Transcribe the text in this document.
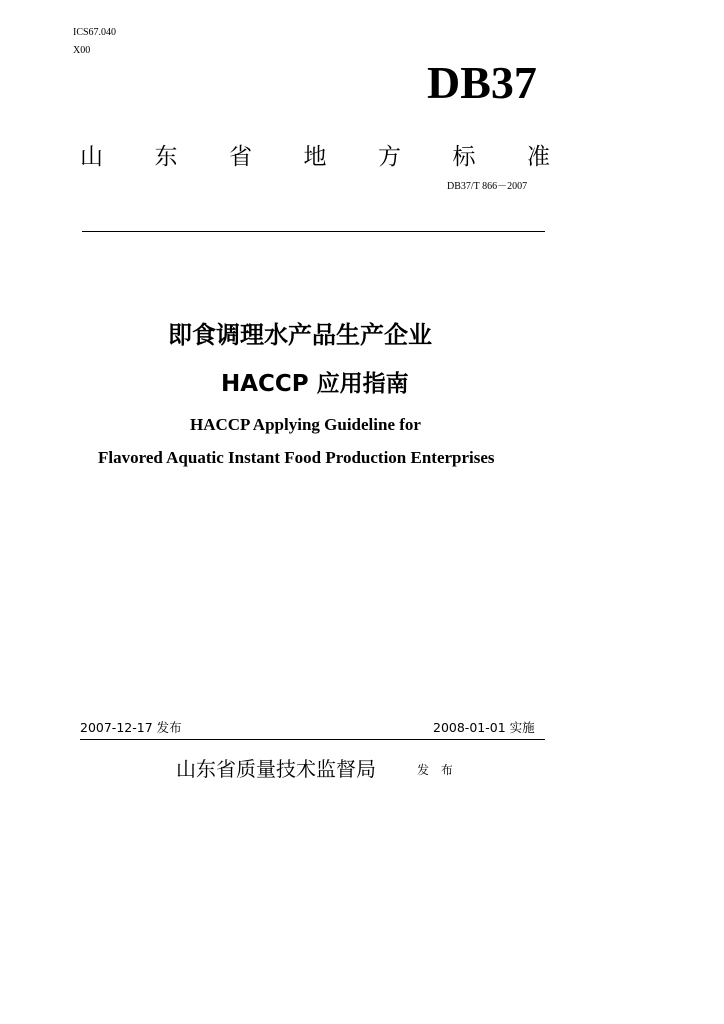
ICS67.040
X00
DB37
山 东 省 地 方 标 准
DB37/T 866－2007
即食调理水产品生产企业
HACCP 应用指南
HACCP Applying Guideline for
Flavored Aquatic Instant Food Production Enterprises
2007-12-17 发布	2008-01-01 实施
山东省质量技术监督局	发 布
